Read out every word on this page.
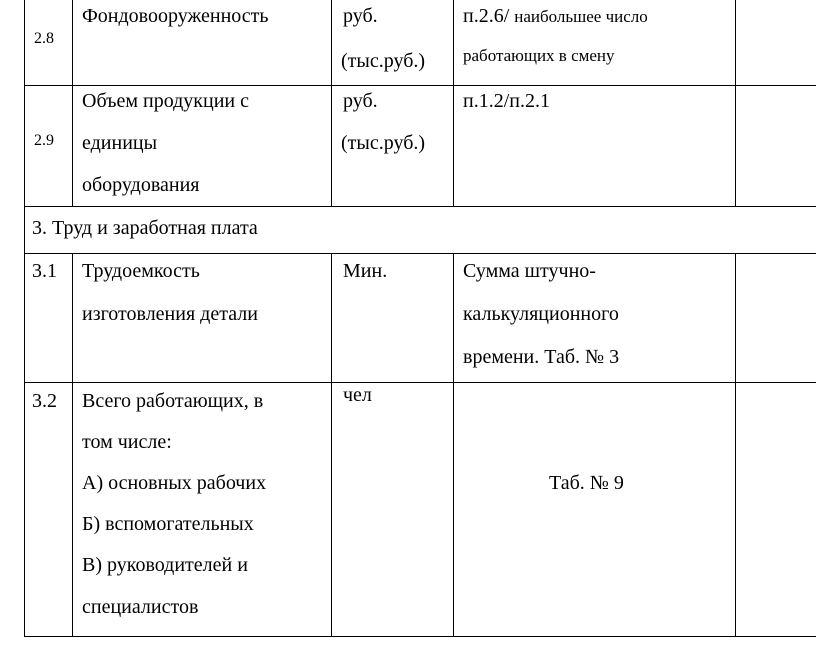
2.8
Фондовооруженность	руб.
(тыс.руб.)
п.2.6/ наибольшее число
работающих в смену
2.9
Объем продукции с
единицы
оборудования
руб.
(тыс.руб.)
п.1.2/п.2.1
3. Труд и заработная плата
3.1 Трудоемкость
изготовления детали
Мин.	Сумма штучно-
калькуляционного
времени. Таб. № 3
3.2 Всего работающих, в
том числе:
А) основных рабочих
Б) вспомогательных
В) руководителей и
специалистов
чел
Таб. № 9
